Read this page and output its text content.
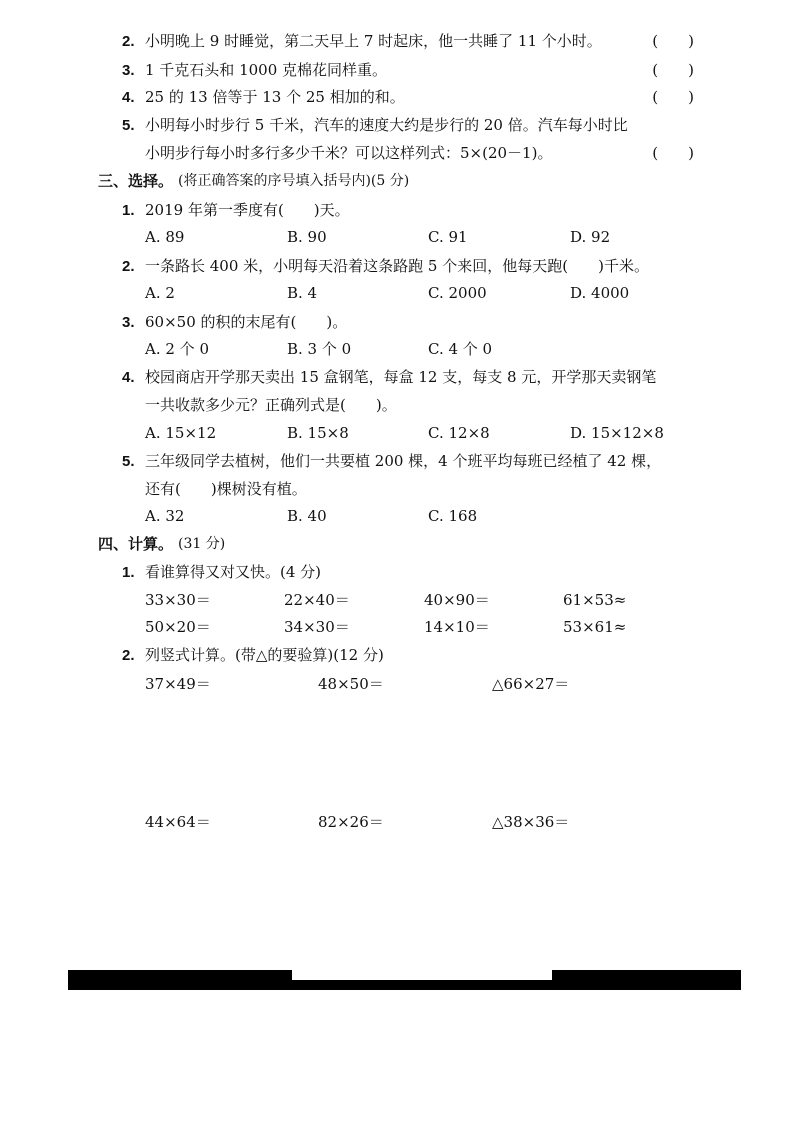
2. 小明晚上 9 时睡觉，第二天早上 7 时起床，他一共睡了 11 个小时。	(　　)
3. 1 千克石头和 1000 克棉花同样重。	(　　)
4. 25 的 13 倍等于 13 个 25 相加的和。	(　　)
5. 小明每小时步行 5 千米，汽车的速度大约是步行的 20 倍。汽车每小时比
小明步行每小时多行多少千米？可以这样列式：5×(20－1)。	(　　)
三、选择。 (将正确答案的序号填入括号内)(5 分)
1. 2019 年第一季度有(　　)天。
A. 89	B. 90	C. 91	D. 92
2. 一条路长 400 米，小明每天沿着这条路跑 5 个来回，他每天跑(　　)千米。
A. 2	B. 4	C. 2000	D. 4000
3. 60×50 的积的末尾有(　　)。
A. 2 个 0	B. 3 个 0	C. 4 个 0
4. 校园商店开学那天卖出 15 盒钢笔，每盒 12 支，每支 8 元，开学那天卖钢笔
一共收款多少元？正确列式是(　　)。
A. 15×12	B. 15×8	C. 12×8	D. 15×12×8
5. 三年级同学去植树，他们一共要植 200 棵，4 个班平均每班已经植了 42 棵，
还有(　　)棵树没有植。
A. 32	B. 40	C. 168
四、计算。 (31 分)
1. 看谁算得又对又快。(4 分)
33×30＝	22×40＝	40×90＝	61×53≈
50×20＝	34×30＝	14×10＝	53×61≈
2. 列竖式计算。(带△的要验算)(12 分)
37×49＝	48×50＝	△66×27＝
44×64＝	82×26＝	△38×36＝
